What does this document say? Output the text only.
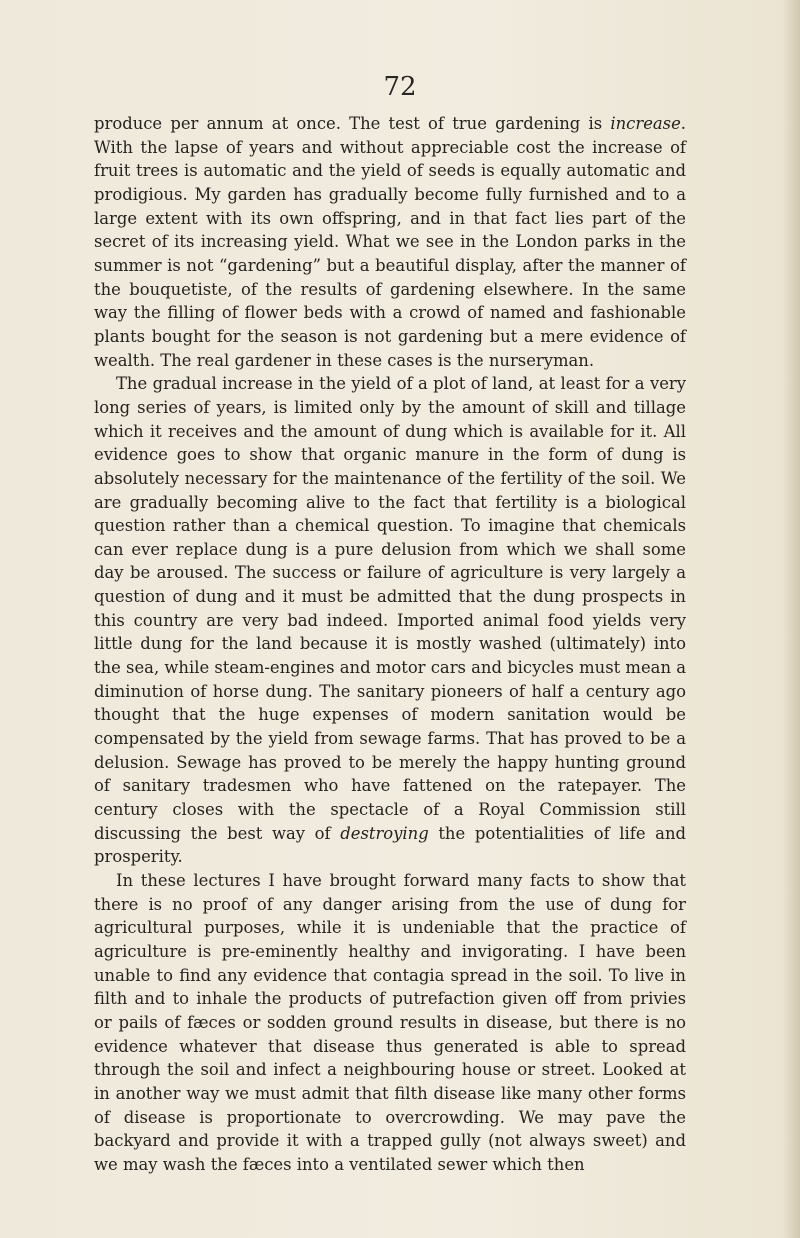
72

produce per annum at once. The test of true gardening is increase. With the lapse of years and without appreciable cost the increase of fruit trees is automatic and the yield of seeds is equally automatic and prodigious. My garden has gradually become fully furnished and to a large extent with its own offspring, and in that fact lies part of the secret of its increasing yield. What we see in the London parks in the summer is not “gardening” but a beautiful display, after the manner of the bouquetiste, of the results of gardening elsewhere. In the same way the filling of flower beds with a crowd of named and fashionable plants bought for the season is not gardening but a mere evidence of wealth. The real gardener in these cases is the nurseryman.

The gradual increase in the yield of a plot of land, at least for a very long series of years, is limited only by the amount of skill and tillage which it receives and the amount of dung which is available for it. All evidence goes to show that organic manure in the form of dung is absolutely necessary for the maintenance of the fertility of the soil. We are gradually becoming alive to the fact that fertility is a biological question rather than a chemical question. To imagine that chemicals can ever replace dung is a pure delusion from which we shall some day be aroused. The success or failure of agriculture is very largely a question of dung and it must be admitted that the dung prospects in this country are very bad indeed. Imported animal food yields very little dung for the land because it is mostly washed (ultimately) into the sea, while steam-engines and motor cars and bicycles must mean a diminution of horse dung. The sanitary pioneers of half a century ago thought that the huge expenses of modern sanitation would be compensated by the yield from sewage farms. That has proved to be a delusion. Sewage has proved to be merely the happy hunting ground of sanitary tradesmen who have fattened on the ratepayer. The century closes with the spectacle of a Royal Commission still discussing the best way of destroying the potentialities of life and prosperity.

In these lectures I have brought forward many facts to show that there is no proof of any danger arising from the use of dung for agricultural purposes, while it is undeniable that the practice of agriculture is pre-eminently healthy and invigorating. I have been unable to find any evidence that contagia spread in the soil. To live in filth and to inhale the products of putrefaction given off from privies or pails of fæces or sodden ground results in disease, but there is no evidence whatever that disease thus generated is able to spread through the soil and infect a neighbouring house or street. Looked at in another way we must admit that filth disease like many other forms of disease is proportionate to overcrowding. We may pave the backyard and provide it with a trapped gully (not always sweet) and we may wash the fæces into a ventilated sewer which then
